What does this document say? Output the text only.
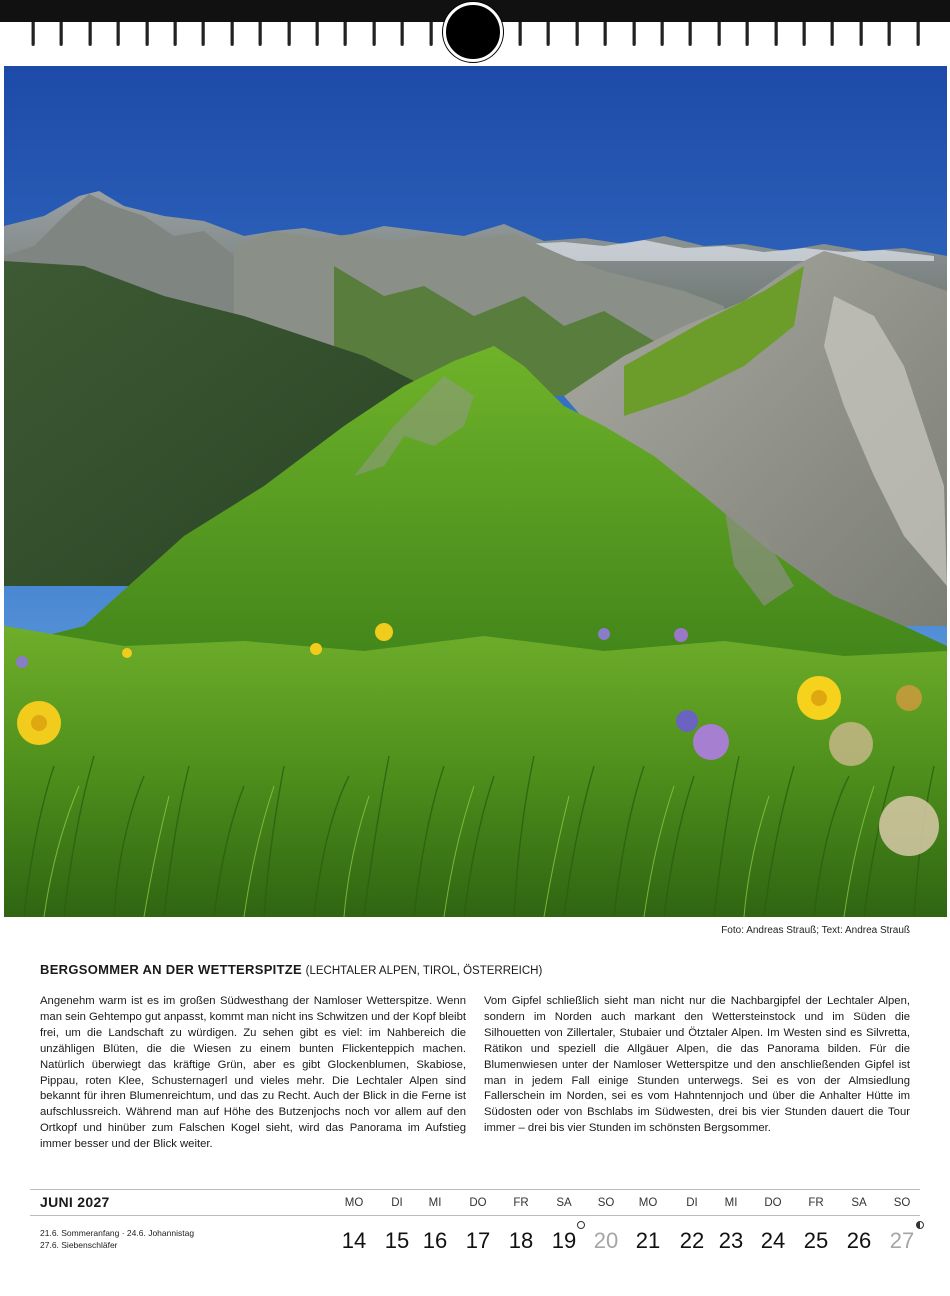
Foto: Andreas Strauß; Text: Andrea Strauß
BERGSOMMER AN DER WETTERSPITZE (LECHTALER ALPEN, TIROL, ÖSTERREICH)
Angenehm warm ist es im großen Südwesthang der Namloser Wetterspitze. Wenn man sein Gehtempo gut anpasst, kommt man nicht ins Schwitzen und der Kopf bleibt frei, um die Landschaft zu würdigen. Zu sehen gibt es viel: im Nahbereich die unzähligen Blüten, die die Wiesen zu einem bunten Flickenteppich machen. Natürlich überwiegt das kräftige Grün, aber es gibt Glockenblumen, Skabiose, Pippau, roten Klee, Schusternagerl und vieles mehr. Die Lechtaler Alpen sind bekannt für ihren Blumenreichtum, und das zu Recht. Auch der Blick in die Ferne ist aufschlussreich. Während man auf Höhe des Butzenjochs noch vor allem auf den Ortkopf und hinüber zum Falschen Kogel sieht, wird das Panorama im Aufstieg immer besser und der Blick weiter.
Vom Gipfel schließlich sieht man nicht nur die Nachbargipfel der Lechtaler Alpen, sondern im Norden auch markant den Wettersteinstock und im Süden die Silhouetten von Zillertaler, Stubaier und Ötztaler Alpen. Im Westen sind es Silvretta, Rätikon und speziell die Allgäuer Alpen, die das Panorama bilden. Für die Blumenwiesen unter der Namloser Wetterspitze und den anschließenden Gipfel ist man in jedem Fall einige Stunden unterwegs. Sei es von der Almsiedlung Fallerschein im Norden, sei es vom Hahntennjoch und über die Anhalter Hütte im Südosten oder von Bschlabs im Südwesten, drei bis vier Stunden dauert die Tour immer – drei bis vier Stunden im schönsten Bergsommer.
JUNI 2027
21.6. Sommeranfang · 24.6. Johannistag
27.6. Siebenschläfer
MO
14
DI
15
MI
16
DO
17
FR
18
SA
19
SO
20
MO
21
DI
22
MI
23
DO
24
FR
25
SA
26
SO
27
